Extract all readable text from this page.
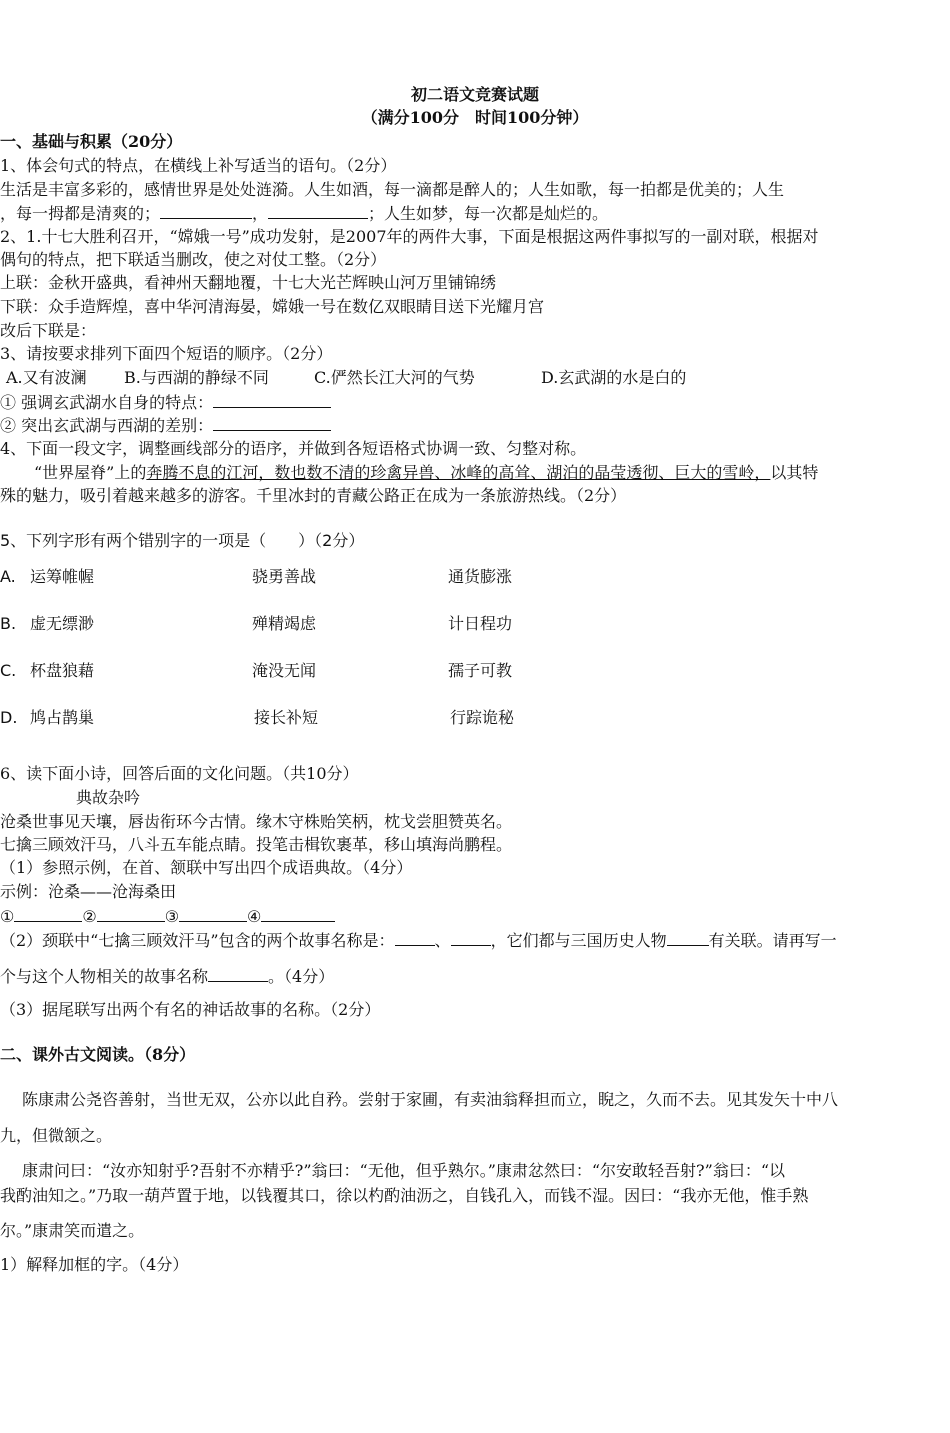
初二语文竞赛试题
（满分100分　时间100分钟）
一、基础与积累（20分）
1、体会句式的特点，在横线上补写适当的语句。（2分）
生活是丰富多彩的，感情世界是处处涟漪。人生如酒，每一滴都是醉人的；人生如歌，每一拍都是优美的；人生
，每一拇都是清爽的；	，	；人生如梦，每一次都是灿烂的。
2、1.十七大胜利召开，“嫦娥一号”成功发射，是2007年的两件大事，下面是根据这两件事拟写的一副对联，根据对
偶句的特点，把下联适当删改，使之对仗工整。（2分）
上联：金秋开盛典，看神州天翻地覆，十七大光芒辉映山河万里铺锦绣
下联：众手造辉煌，喜中华河清海晏，嫦娥一号在数亿双眼睛目送下光耀月宫
改后下联是：
3、请按要求排列下面四个短语的顺序。（2分）
A.又有波澜 B.与西湖的静绿不同	C.俨然长江大河的气势	D.玄武湖的水是白的
① 强调玄武湖水自身的特点：
② 突出玄武湖与西湖的差别：
4、下面一段文字，调整画线部分的语序，并做到各短语格式协调一致、匀整对称。
“世界屋脊”上的奔腾不息的江河，数也数不清的珍禽异兽、冰峰的高耸、湖泊的晶莹透彻、巨大的雪岭，以其特
殊的魅力，吸引着越来越多的游客。千里冰封的青藏公路正在成为一条旅游热线。（2分）
5、下列字形有两个错别字的一项是（　　）（2分）
A. 运筹帷幄	骁勇善战	通货膨涨
B. 虚无缥渺	殚精竭虑	计日程功
C. 杯盘狼藉	淹没无闻	孺子可教
D. 鸠占鹊巢	接长补短	行踪诡秘
6、读下面小诗，回答后面的文化问题。（共10分）
典故杂吟
沧桑世事见天壤，唇齿衔环今古情。缘木守株贻笑柄，枕戈尝胆赞英名。
七擒三顾效汗马，八斗五车能点睛。投笔击楫钦裹革，移山填海尚鹏程。
（1）参照示例，在首、颔联中写出四个成语典故。（4分）
示例：沧桑——沧海桑田
①	②	③	④
（2）颈联中“七擒三顾效汗马”包含的两个故事名称是：	、	，它们都与三国历史人物	有关联。请再写一
个与这个人物相关的故事名称	。（4分）
（3）据尾联写出两个有名的神话故事的名称。（2分）
二、课外古文阅读。（8分）
陈康肃公尧咨善射，当世无双，公亦以此自矜。尝射于家圃，有卖油翁释担而立，睨之，久而不去。见其发矢十中八
九，但微颔之。
康肃问曰：“汝亦知射乎?吾射不亦精乎?”翁曰：“无他，但乎熟尔。”康肃忿然曰：“尔安敢轻吾射?”翁曰：“以
我酌油知之。”乃取一葫芦置于地，以钱覆其口，徐以杓酌油沥之，自钱孔入，而钱不湿。因曰：“我亦无他，惟手熟
尔。”康肃笑而遣之。
1）解释加框的字。（4分）
